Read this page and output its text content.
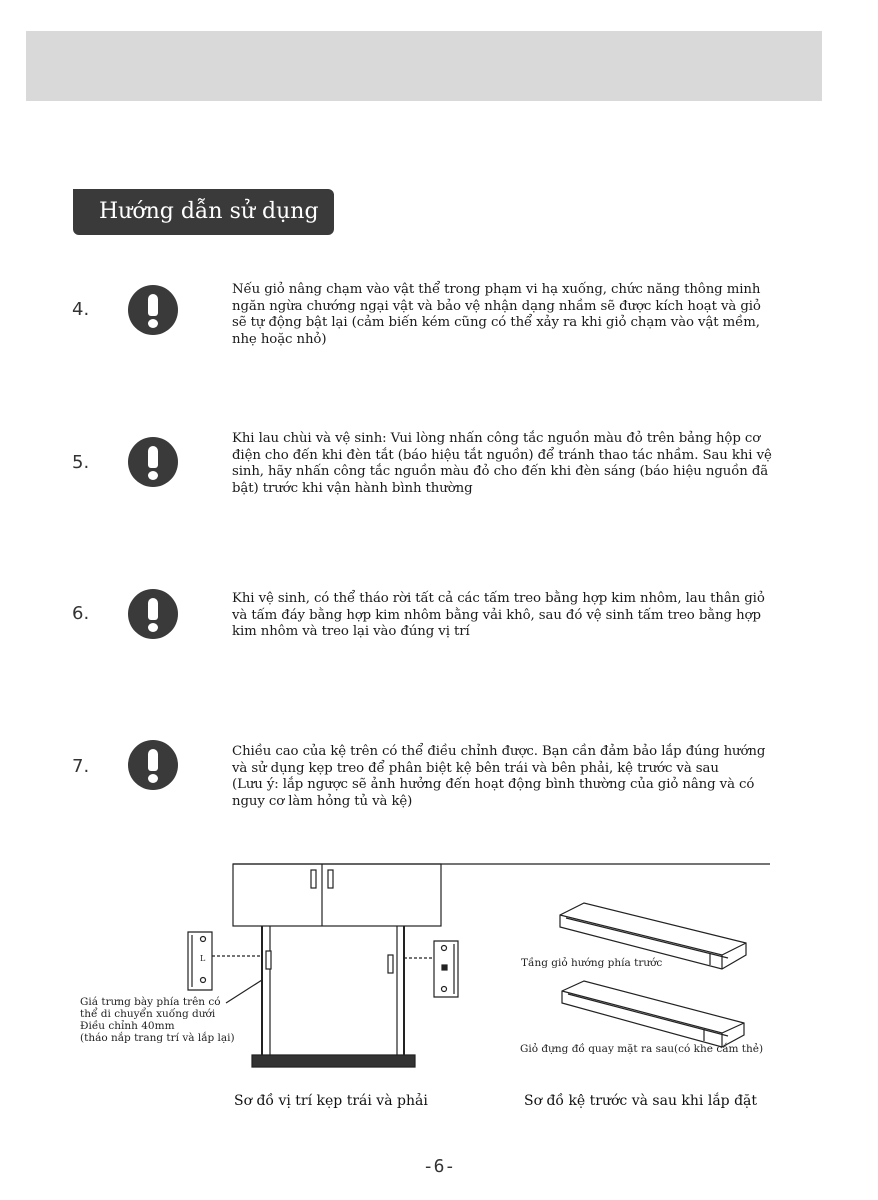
Hướng dẫn sử dụng
4.
Nếu giỏ nâng chạm vào vật thể trong phạm vi hạ xuống, chức năng thông minh
ngăn ngừa chướng ngại vật và bảo vệ nhận dạng nhầm sẽ được kích hoạt và giỏ
sẽ tự động bật lại (cảm biến kém cũng có thể xảy ra khi giỏ chạm vào vật mềm,
nhẹ hoặc nhỏ)
5.
Khi lau chùi và vệ sinh: Vui lòng nhấn công tắc nguồn màu đỏ trên bảng hộp cơ
điện cho đến khi đèn tắt (báo hiệu tắt nguồn) để tránh thao tác nhầm. Sau khi vệ
sinh, hãy nhấn công tắc nguồn màu đỏ cho đến khi đèn sáng (báo hiệu nguồn đã
bật) trước khi vận hành bình thường
6.
Khi vệ sinh, có thể tháo rời tất cả các tấm treo bằng hợp kim nhôm, lau thân giỏ
và tấm đáy bằng hợp kim nhôm bằng vải khô, sau đó vệ sinh tấm treo bằng hợp
kim nhôm và treo lại vào đúng vị trí
7.
Chiều cao của kệ trên có thể điều chỉnh được. Bạn cần đảm bảo lắp đúng hướng
và sử dụng kẹp treo để phân biệt kệ bên trái và bên phải, kệ trước và sau
(Lưu ý: lắp ngược sẽ ảnh hưởng đến hoạt động bình thường của giỏ nâng và có
nguy cơ làm hỏng tủ và kệ)
L
Giá trưng bày phía trên có
thể di chuyển xuống dưới
Điều chỉnh 40mm
(tháo nắp trang trí và lắp lại)
Tầng giỏ hướng phía trước
Giỏ đựng đồ quay mặt ra sau(có khe cắm thẻ)
Sơ đồ vị trí kẹp trái và phải	Sơ đồ kệ trước và sau khi lắp đặt
-6-
